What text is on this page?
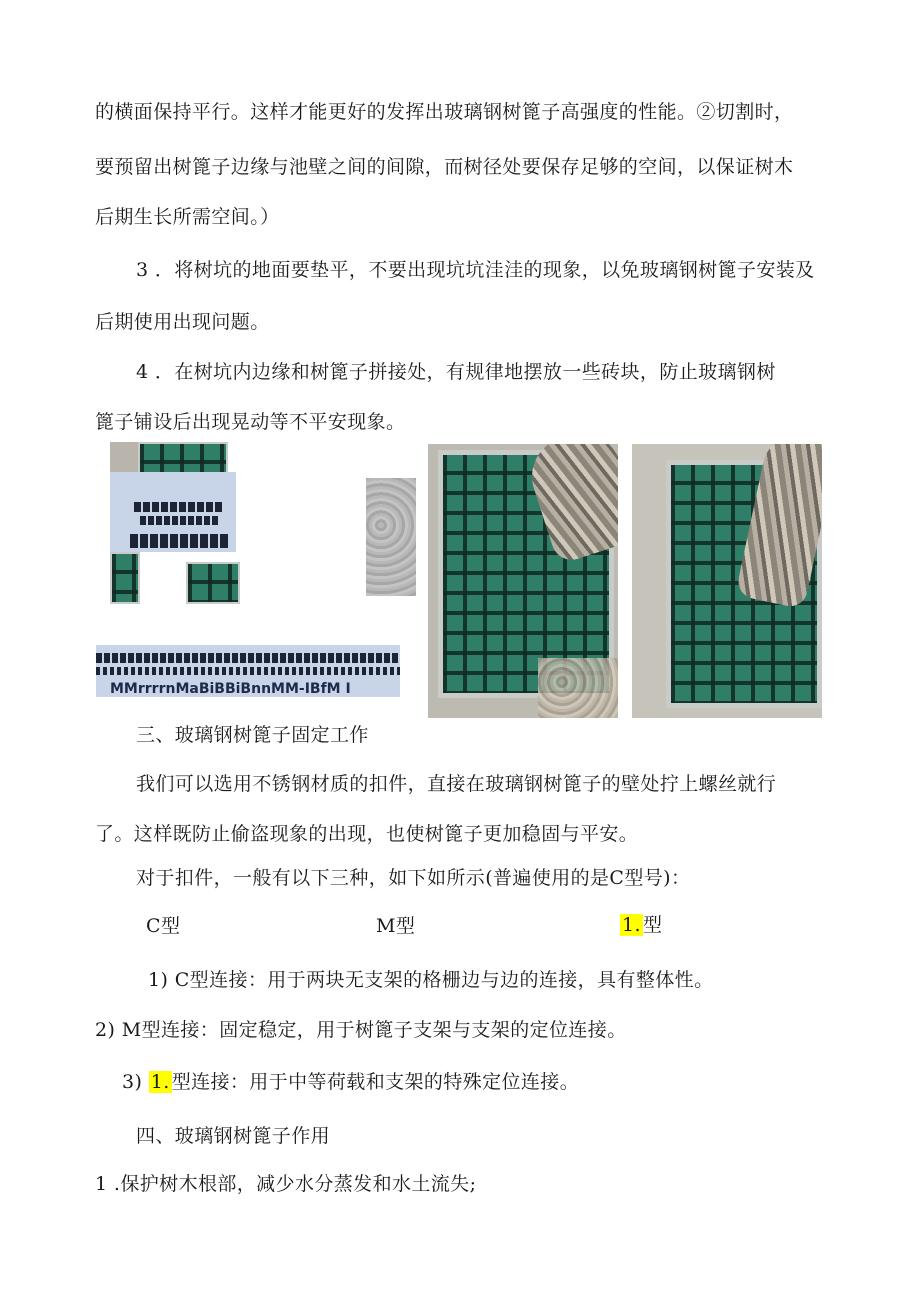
的横面保持平行。这样才能更好的发挥出玻璃钢树篦子高强度的性能。②切割时，
要预留出树篦子边缘与池壁之间的间隙，而树径处要保存足够的空间，以保证树木
后期生长所需空间。）
3 ．将树坑的地面要垫平，不要出现坑坑洼洼的现象，以免玻璃钢树篦子安装及
后期使用出现问题。
4 ．在树坑内边缘和树篦子拼接处，有规律地摆放一些砖块，防止玻璃钢树
篦子铺设后出现晃动等不平安现象。
MMrrrrnMaBiBBiBnnMM-IBfM I
三、玻璃钢树篦子固定工作
我们可以选用不锈钢材质的扣件，直接在玻璃钢树篦子的壁处拧上螺丝就行
了。这样既防止偷盗现象的出现，也使树篦子更加稳固与平安。
对于扣件，一般有以下三种，如下如所示(普遍使用的是C型号)：
C型	M型	1. 型
1) C型连接：用于两块无支架的格栅边与边的连接，具有整体性。
2) M型连接：固定稳定，用于树篦子支架与支架的定位连接。
3) 1. 型连接：用于中等荷载和支架的特殊定位连接。
四、玻璃钢树篦子作用
1 .保护树木根部，减少水分蒸发和水土流失;
